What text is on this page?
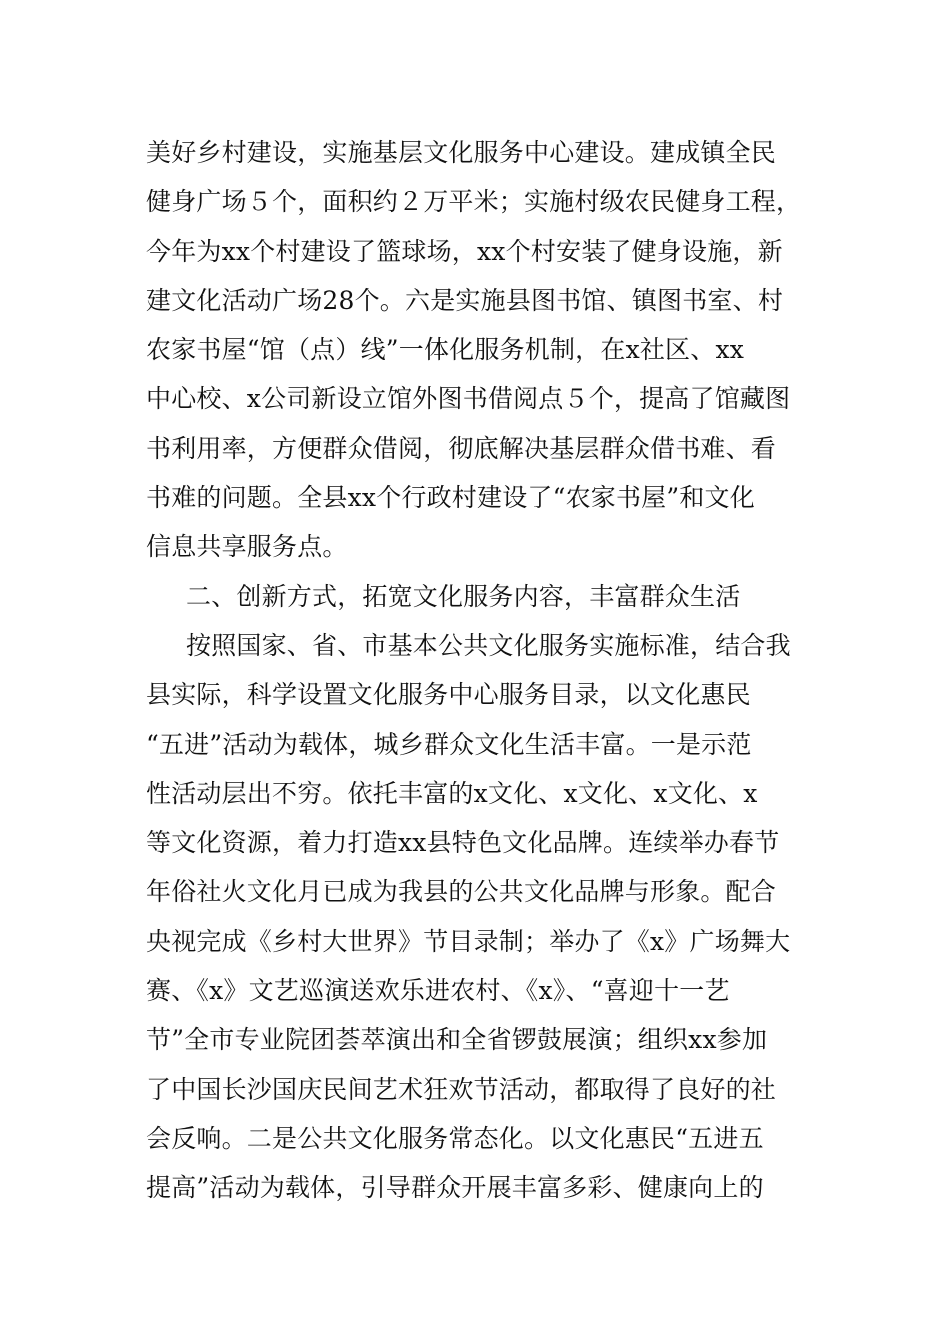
美好乡村建设，实施基层文化服务中心建设。建成镇全民
健身广场５个，面积约２万平米；实施村级农民健身工程，
今年为xx个村建设了篮球场，xx个村安装了健身设施，新
建文化活动广场28个。六是实施县图书馆、镇图书室、村
农家书屋“馆（点）线”一体化服务机制，在x社区、xx
中心校、x公司新设立馆外图书借阅点５个，提高了馆藏图
书利用率，方便群众借阅，彻底解决基层群众借书难、看
书难的问题。全县xx个行政村建设了“农家书屋”和文化
信息共享服务点。
二、创新方式，拓宽文化服务内容，丰富群众生活
按照国家、省、市基本公共文化服务实施标准，结合我
县实际，科学设置文化服务中心服务目录，以文化惠民
“五进”活动为载体，城乡群众文化生活丰富。一是示范
性活动层出不穷。依托丰富的x文化、x文化、x文化、x
等文化资源，着力打造xx县特色文化品牌。连续举办春节
年俗社火文化月已成为我县的公共文化品牌与形象。配合
央视完成《乡村大世界》节目录制；举办了《x》广场舞大
赛、《x》文艺巡演送欢乐进农村、《x》、“喜迎十一艺
节”全市专业院团荟萃演出和全省锣鼓展演；组织xx参加
了中国长沙国庆民间艺术狂欢节活动，都取得了良好的社
会反响。二是公共文化服务常态化。以文化惠民“五进五
提高”活动为载体，引导群众开展丰富多彩、健康向上的
